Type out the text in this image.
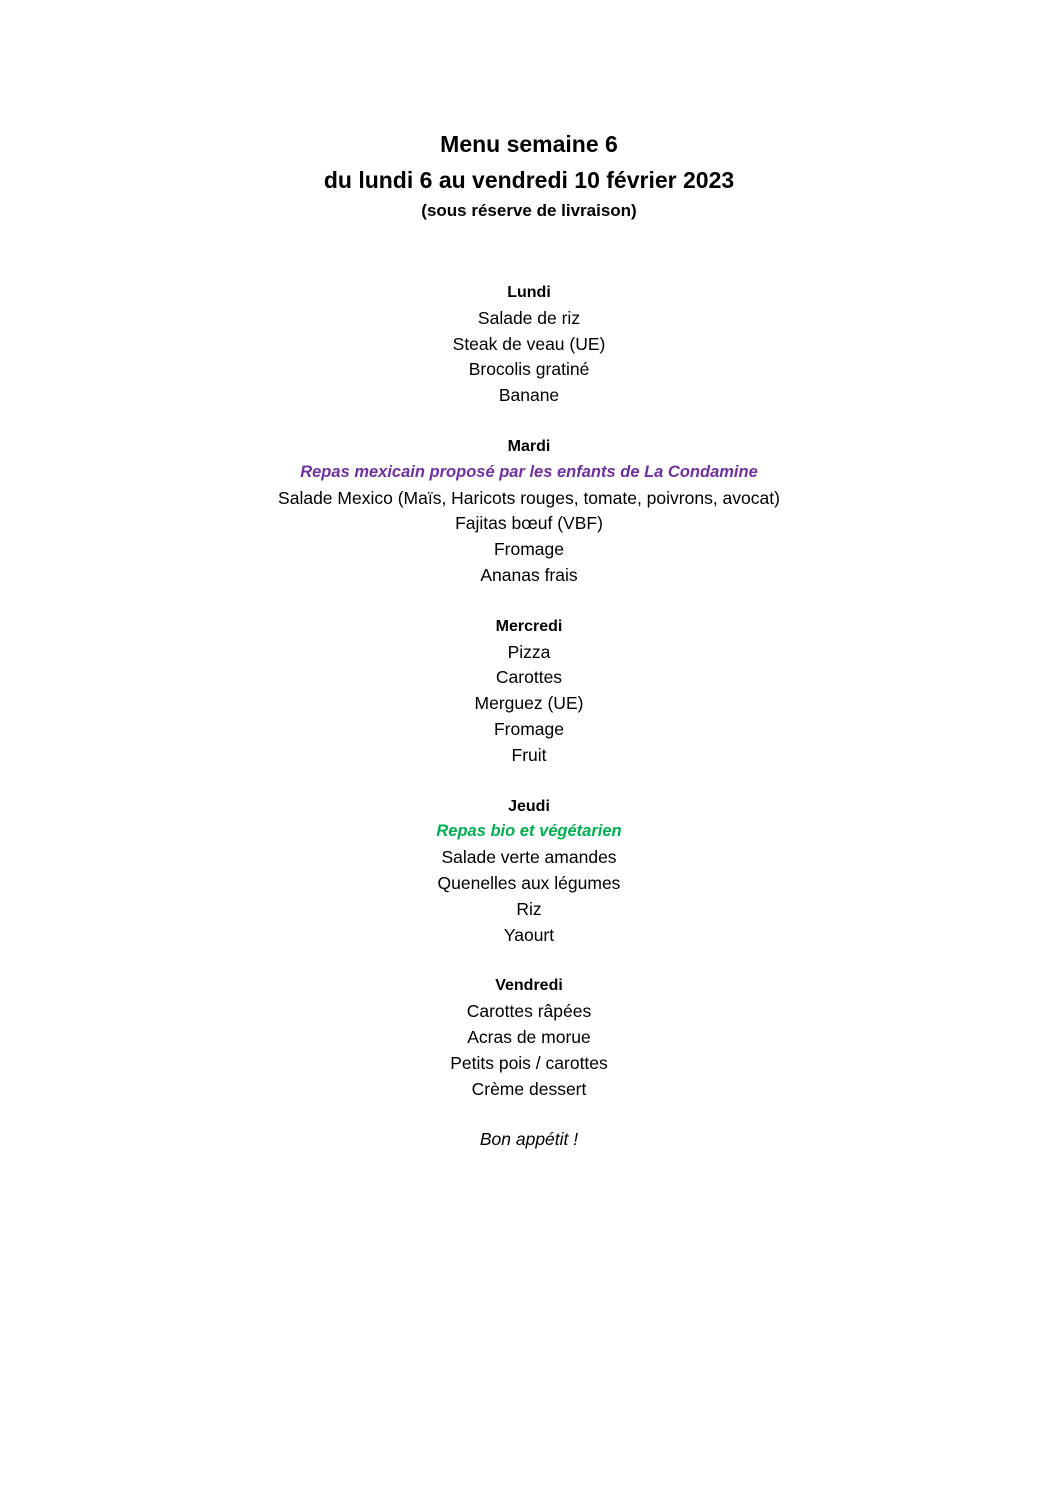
Menu semaine 6

du lundi 6 au vendredi 10 février 2023

(sous réserve de livraison)

Lundi

Salade de riz

Steak de veau (UE)

Brocolis gratiné

Banane

Mardi

Repas mexicain proposé par les enfants de La Condamine

Salade Mexico (Maïs, Haricots rouges, tomate, poivrons, avocat)

Fajitas bœuf (VBF)

Fromage

Ananas frais

Mercredi

Pizza

Carottes

Merguez (UE)

Fromage

Fruit

Jeudi

Repas bio et végétarien

Salade verte amandes

Quenelles aux légumes

Riz

Yaourt

Vendredi

Carottes râpées

Acras de morue

Petits pois / carottes

Crème dessert

Bon appétit !
